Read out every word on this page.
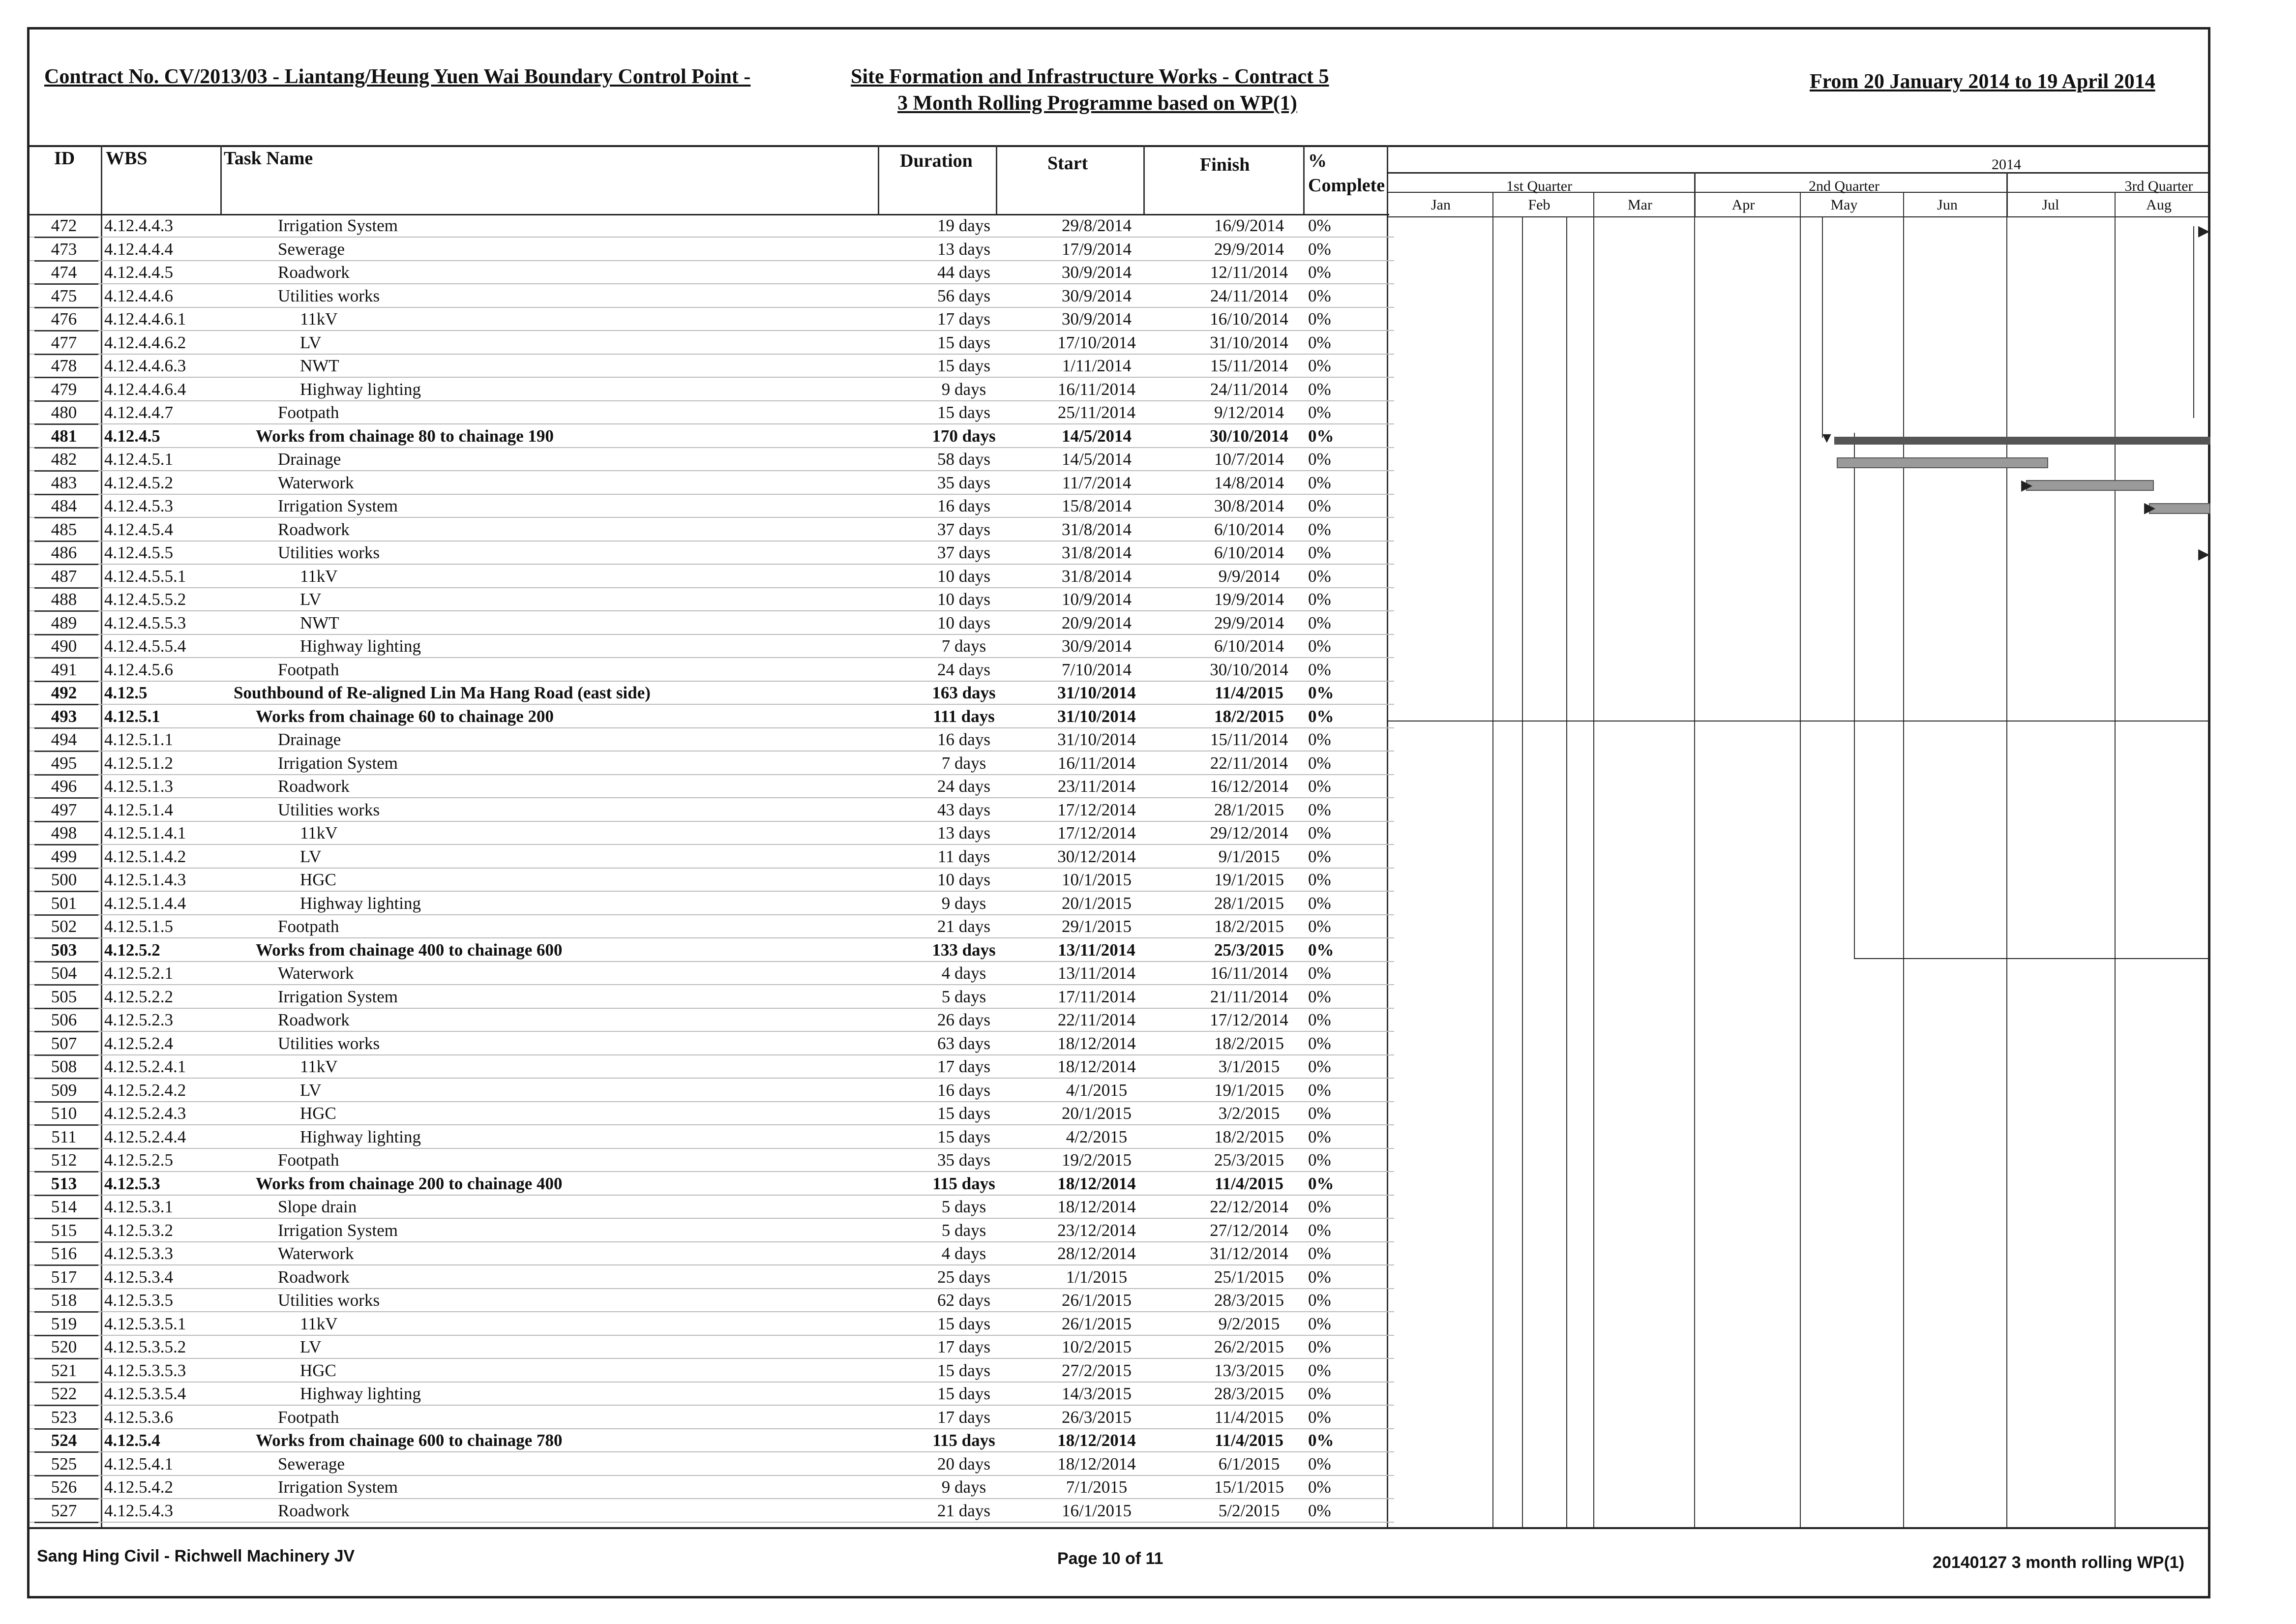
Contract No. CV/2013/03 - Liantang/Heung Yuen Wai Boundary Control Point -	Site Formation and Infrastructure Works - Contract 5
3 Month Rolling Programme based on WP(1)
From 20 January 2014 to 19 April 2014
ID WBS	Task Name	Duration	Start	Finish	%
Complete
2014
1st Quarter	2nd Quarter	3rd Quarter
Jan	Feb	Mar	Apr	May	Jun	Jul	Aug
▼
▶
▶
▶
▶
472	4.12.4.4.3	Irrigation System	19 days	29/8/2014	16/9/2014	0%
473	4.12.4.4.4	Sewerage	13 days	17/9/2014	29/9/2014	0%
474	4.12.4.4.5	Roadwork	44 days	30/9/2014	12/11/2014	0%
475	4.12.4.4.6	Utilities works	56 days	30/9/2014	24/11/2014	0%
476	4.12.4.4.6.1	11kV	17 days	30/9/2014	16/10/2014	0%
477	4.12.4.4.6.2	LV	15 days	17/10/2014	31/10/2014	0%
478	4.12.4.4.6.3	NWT	15 days	1/11/2014	15/11/2014	0%
479	4.12.4.4.6.4	Highway lighting	9 days	16/11/2014	24/11/2014	0%
480	4.12.4.4.7	Footpath	15 days	25/11/2014	9/12/2014	0%
481	4.12.4.5	Works from chainage 80 to chainage 190	170 days	14/5/2014	30/10/2014	0%
482	4.12.4.5.1	Drainage	58 days	14/5/2014	10/7/2014	0%
483	4.12.4.5.2	Waterwork	35 days	11/7/2014	14/8/2014	0%
484	4.12.4.5.3	Irrigation System	16 days	15/8/2014	30/8/2014	0%
485	4.12.4.5.4	Roadwork	37 days	31/8/2014	6/10/2014	0%
486	4.12.4.5.5	Utilities works	37 days	31/8/2014	6/10/2014	0%
487	4.12.4.5.5.1	11kV	10 days	31/8/2014	9/9/2014	0%
488	4.12.4.5.5.2	LV	10 days	10/9/2014	19/9/2014	0%
489	4.12.4.5.5.3	NWT	10 days	20/9/2014	29/9/2014	0%
490	4.12.4.5.5.4	Highway lighting	7 days	30/9/2014	6/10/2014	0%
491	4.12.4.5.6	Footpath	24 days	7/10/2014	30/10/2014	0%
492	4.12.5	Southbound of Re-aligned Lin Ma Hang Road (east side)	163 days	31/10/2014	11/4/2015	0%
493	4.12.5.1	Works from chainage 60 to chainage 200	111 days	31/10/2014	18/2/2015	0%
494	4.12.5.1.1	Drainage	16 days	31/10/2014	15/11/2014	0%
495	4.12.5.1.2	Irrigation System	7 days	16/11/2014	22/11/2014	0%
496	4.12.5.1.3	Roadwork	24 days	23/11/2014	16/12/2014	0%
497	4.12.5.1.4	Utilities works	43 days	17/12/2014	28/1/2015	0%
498	4.12.5.1.4.1	11kV	13 days	17/12/2014	29/12/2014	0%
499	4.12.5.1.4.2	LV	11 days	30/12/2014	9/1/2015	0%
500	4.12.5.1.4.3	HGC	10 days	10/1/2015	19/1/2015	0%
501	4.12.5.1.4.4	Highway lighting	9 days	20/1/2015	28/1/2015	0%
502	4.12.5.1.5	Footpath	21 days	29/1/2015	18/2/2015	0%
503	4.12.5.2	Works from chainage 400 to chainage 600	133 days	13/11/2014	25/3/2015	0%
504	4.12.5.2.1	Waterwork	4 days	13/11/2014	16/11/2014	0%
505	4.12.5.2.2	Irrigation System	5 days	17/11/2014	21/11/2014	0%
506	4.12.5.2.3	Roadwork	26 days	22/11/2014	17/12/2014	0%
507	4.12.5.2.4	Utilities works	63 days	18/12/2014	18/2/2015	0%
508	4.12.5.2.4.1	11kV	17 days	18/12/2014	3/1/2015	0%
509	4.12.5.2.4.2	LV	16 days	4/1/2015	19/1/2015	0%
510	4.12.5.2.4.3	HGC	15 days	20/1/2015	3/2/2015	0%
511	4.12.5.2.4.4	Highway lighting	15 days	4/2/2015	18/2/2015	0%
512	4.12.5.2.5	Footpath	35 days	19/2/2015	25/3/2015	0%
513	4.12.5.3	Works from chainage 200 to chainage 400	115 days	18/12/2014	11/4/2015	0%
514	4.12.5.3.1	Slope drain	5 days	18/12/2014	22/12/2014	0%
515	4.12.5.3.2	Irrigation System	5 days	23/12/2014	27/12/2014	0%
516	4.12.5.3.3	Waterwork	4 days	28/12/2014	31/12/2014	0%
517	4.12.5.3.4	Roadwork	25 days	1/1/2015	25/1/2015	0%
518	4.12.5.3.5	Utilities works	62 days	26/1/2015	28/3/2015	0%
519	4.12.5.3.5.1	11kV	15 days	26/1/2015	9/2/2015	0%
520	4.12.5.3.5.2	LV	17 days	10/2/2015	26/2/2015	0%
521	4.12.5.3.5.3	HGC	15 days	27/2/2015	13/3/2015	0%
522	4.12.5.3.5.4	Highway lighting	15 days	14/3/2015	28/3/2015	0%
523	4.12.5.3.6	Footpath	17 days	26/3/2015	11/4/2015	0%
524	4.12.5.4	Works from chainage 600 to chainage 780	115 days	18/12/2014	11/4/2015	0%
525	4.12.5.4.1	Sewerage	20 days	18/12/2014	6/1/2015	0%
526	4.12.5.4.2	Irrigation System	9 days	7/1/2015	15/1/2015	0%
527	4.12.5.4.3	Roadwork	21 days	16/1/2015	5/2/2015	0%
Sang Hing Civil - Richwell Machinery JV	Page 10 of 11	20140127 3 month rolling WP(1)
